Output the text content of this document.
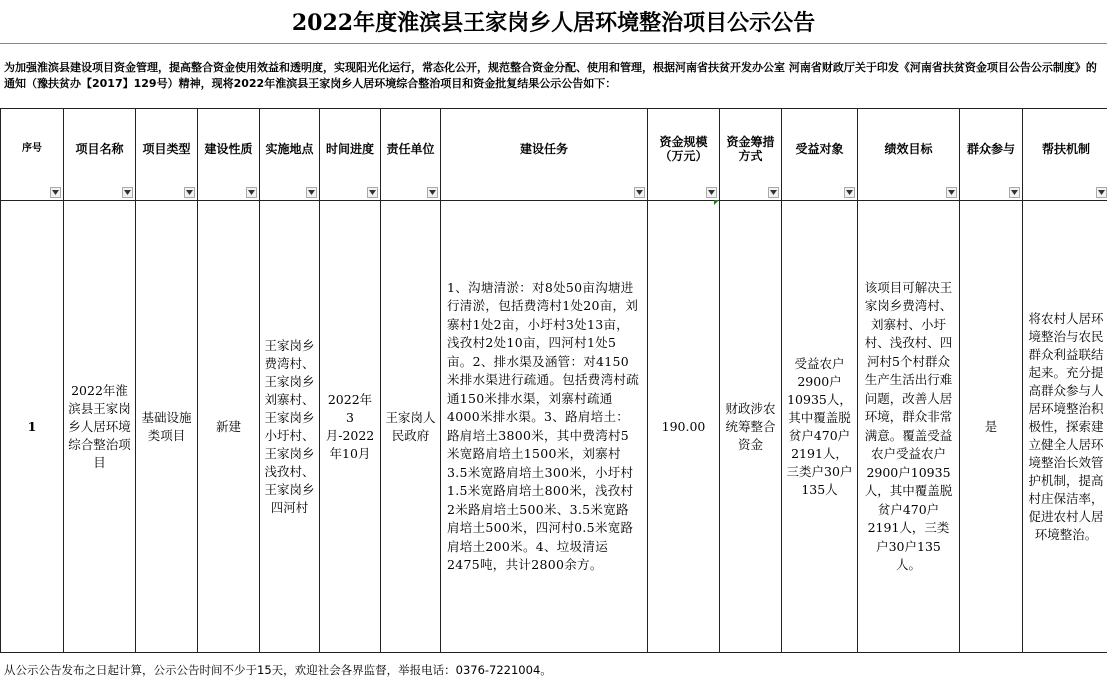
2022年度淮滨县王家岗乡人居环境整治项目公示公告
为加强淮滨县建设项目资金管理，提高整合资金使用效益和透明度，实现阳光化运行，常态化公开，规范整合资金分配、使用和管理，根据河南省扶贫开发办公室 河南省财政厅关于印发《河南省扶贫资金项目公告公示制度》的通知（豫扶贫办【2017】129号）精神，现将2022年淮滨县王家岗乡人居环境综合整治项目和资金批复结果公示公告如下：
序号	项目名称	项目类型	建设性质	实施地点	时间进度	责任单位	建设任务	资金规模（万元）	资金筹措方式	受益对象	绩效目标	群众参与	帮扶机制

1	2022年淮滨县王家岗乡人居环境综合整治项目	基础设施类项目	新建	王家岗乡费湾村、王家岗乡刘寨村、王家岗乡小圩村、王家岗乡浅孜村、王家岗乡四河村	2022年3月-2022年10月	王家岗人民政府	1、沟塘清淤：对8处50亩沟塘进行清淤，包括费湾村1处20亩，刘寨村1处2亩，小圩村3处13亩，浅孜村2处10亩，四河村1处5亩。2、排水渠及涵管：对4150米排水渠进行疏通。包括费湾村疏通150米排水渠，刘寨村疏通4000米排水渠。3、路肩培土：路肩培土3800米，其中费湾村5米宽路肩培土1500米，刘寨村3.5米宽路肩培土300米，小圩村1.5米宽路肩培土800米，浅孜村2米路肩培土500米、3.5米宽路肩培土500米，四河村0.5米宽路肩培土200米。4、垃圾清运2475吨，共计2800余方。	190.00	财政涉农统筹整合资金	受益农户2900户10935人，其中覆盖脱贫户470户2191人，三类户30户135人	该项目可解决王家岗乡费湾村、刘寨村、小圩村、浅孜村、四河村5个村群众生产生活出行难问题，改善人居环境，群众非常满意。覆盖受益农户受益农户2900户10935人，其中覆盖脱贫户470户2191人，三类户30户135人。	是	将农村人居环境整治与农民群众利益联结起来。充分提高群众参与人居环境整治积极性，探索建立健全人居环境整治长效管护机制，提高村庄保洁率，促进农村人居环境整治。
从公示公告发布之日起计算，公示公告时间不少于15天，欢迎社会各界监督，举报电话：0376-7221004。
